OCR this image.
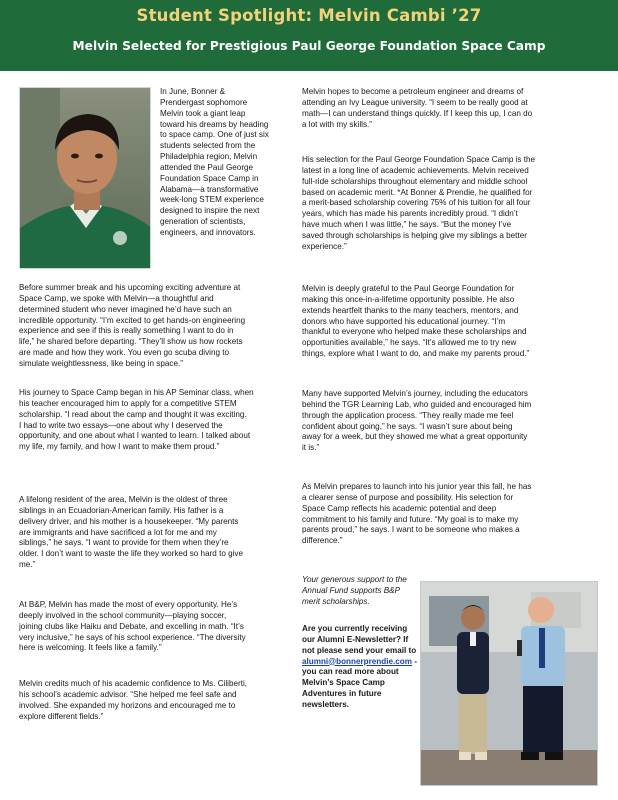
Student Spotlight: Melvin Cambi ’27
Melvin Selected for Prestigious Paul George Foundation Space Camp
In June, Bonner &
Prendergast sophomore
Melvin took a giant leap
toward his dreams by heading
to space camp. One of just six
students selected from the
Philadelphia region, Melvin
attended the Paul George
Foundation Space Camp in
Alabama—a transformative
week-long STEM experience
designed to inspire the next
generation of scientists,
engineers, and innovators.
Before summer break and his upcoming exciting adventure at
Space Camp, we spoke with Melvin—a thoughtful and
determined student who never imagined he’d have such an
incredible opportunity. “I’m excited to get hands-on engineering
experience and see if this is really something I want to do in
life,” he shared before departing. “They’ll show us how rockets
are made and how they work. You even go scuba diving to
simulate weightlessness, like being in space.”
His journey to Space Camp began in his AP Seminar class, when
his teacher encouraged him to apply for a competitive STEM
scholarship. “I read about the camp and thought it was exciting.
I had to write two essays—one about why I deserved the
opportunity, and one about what I wanted to learn. I talked about
my life, my family, and how I want to make them proud.”
A lifelong resident of the area, Melvin is the oldest of three
siblings in an Ecuadorian-American family. His father is a
delivery driver, and his mother is a housekeeper. “My parents
are immigrants and have sacrificed a lot for me and my
siblings,” he says. “I want to provide for them when they’re
older. I don’t want to waste the life they worked so hard to give
me.”
At B&P, Melvin has made the most of every opportunity. He’s
deeply involved in the school community—playing soccer,
joining clubs like Haiku and Debate, and excelling in math. “It’s
very inclusive,” he says of his school experience. “The diversity
here is welcoming. It feels like a family.”
Melvin credits much of his academic confidence to Ms. Ciliberti,
his school’s academic advisor. “She helped me feel safe and
involved. She expanded my horizons and encouraged me to
explore different fields.”
Melvin hopes to become a petroleum engineer and dreams of
attending an Ivy League university. “I seem to be really good at
math—I can understand things quickly. If I keep this up, I can do
a lot with my skills.”
His selection for the Paul George Foundation Space Camp is the
latest in a long line of academic achievements. Melvin received
full-ride scholarships throughout elementary and middle school
based on academic merit. *At Bonner & Prendie, he qualified for
a merit-based scholarship covering 75% of his tuition for all four
years, which has made his parents incredibly proud. “I didn’t
have much when I was little,” he says. “But the money I’ve
saved through scholarships is helping give my siblings a better
experience.”
Melvin is deeply grateful to the Paul George Foundation for
making this once-in-a-lifetime opportunity possible. He also
extends heartfelt thanks to the many teachers, mentors, and
donors who have supported his educational journey. “I’m
thankful to everyone who helped make these scholarships and
opportunities available,” he says. “It’s allowed me to try new
things, explore what I want to do, and make my parents proud.”
Many have supported Melvin’s journey, including the educators
behind the TGR Learning Lab, who guided and encouraged him
through the application process. “They really made me feel
confident about going,” he says. “I wasn’t sure about being
away for a week, but they showed me what a great opportunity
it is.”
As Melvin prepares to launch into his junior year this fall, he has
a clearer sense of purpose and possibility. His selection for
Space Camp reflects his academic potential and deep
commitment to his family and future. “My goal is to make my
parents proud,” he says. I want to be someone who makes a
difference.”
Your generous support to the
Annual Fund supports B&P
merit scholarships.
Are you currently receiving
our Alumni E-Newsletter? If
not please send your email to
alumni@bonnerprendie.com -
you can read more about
Melvin’s Space Camp
Adventures in future
newsletters.
